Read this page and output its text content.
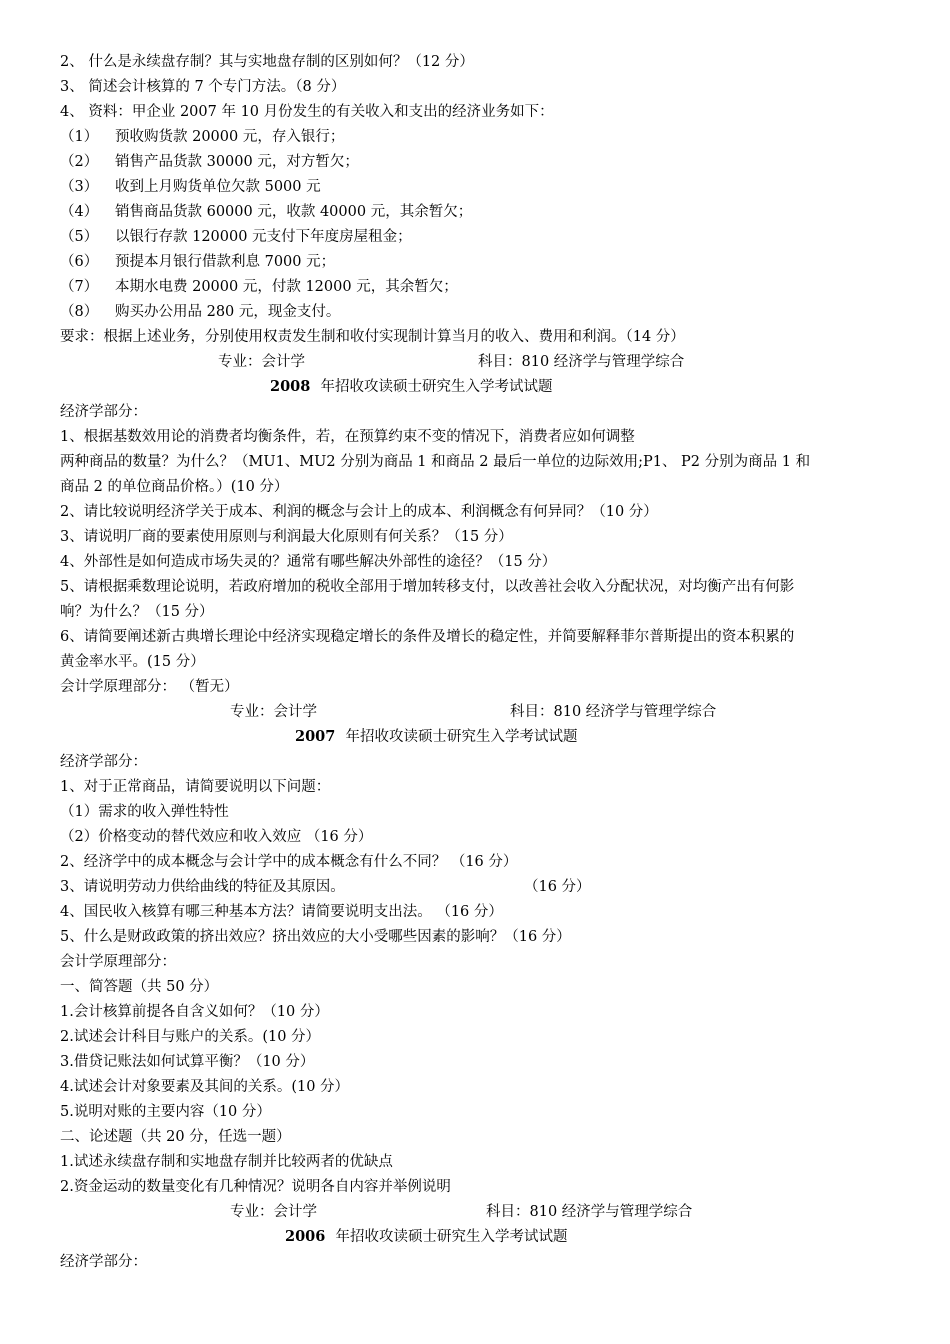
2、 什么是永续盘存制？其与实地盘存制的区别如何？（12 分）
3、 简述会计核算的 7 个专门方法。（8 分）
4、 资料：甲企业 2007 年 10 月份发生的有关收入和支出的经济业务如下：
（1） 预收购货款 20000 元，存入银行；
（2） 销售产品货款 30000 元，对方暂欠；
（3） 收到上月购货单位欠款 5000 元
（4） 销售商品货款 60000 元，收款 40000 元，其余暂欠；
（5） 以银行存款 120000 元支付下年度房屋租金；
（6） 预提本月银行借款利息 7000 元；
（7） 本期水电费 20000 元，付款 12000 元，其余暂欠；
（8） 购买办公用品 280 元，现金支付。
要求：根据上述业务，分别使用权责发生制和收付实现制计算当月的收入、费用和利润。（14 分）
专业：会计学	科目：810 经济学与管理学综合
2008 年招收攻读硕士研究生入学考试试题
经济学部分：
1、根据基数效用论的消费者均衡条件，若，在预算约束不变的情况下，消费者应如何调整
两种商品的数量？为什么？（MU1、MU2 分别为商品 1 和商品 2 最后一单位的边际效用;P1、 P2 分别为商品 1 和
商品 2 的单位商品价格。）(10 分）
2、请比较说明经济学关于成本、利润的概念与会计上的成本、利润概念有何异同？（10 分）
3、请说明厂商的要素使用原则与利润最大化原则有何关系？（15 分）
4、外部性是如何造成市场失灵的？通常有哪些解决外部性的途径？（15 分）
5、请根据乘数理论说明，若政府增加的税收全部用于增加转移支付，以改善社会收入分配状况，对均衡产出有何影
响？为什么？（15 分）
6、请简要阐述新古典增长理论中经济实现稳定增长的条件及增长的稳定性，并简要解释菲尔普斯提出的资本积累的
黄金率水平。(15 分）
会计学原理部分： （暂无）
专业：会计学	科目：810 经济学与管理学综合
2007 年招收攻读硕士研究生入学考试试题
经济学部分：
1、对于正常商品，请简要说明以下问题：
（1）需求的收入弹性特性
（2）价格变动的替代效应和收入效应 （16 分）
2、经济学中的成本概念与会计学中的成本概念有什么不同？ （16 分）
3、请说明劳动力供给曲线的特征及其原因。	（16 分）
4、国民收入核算有哪三种基本方法？请简要说明支出法。 （16 分）
5、什么是财政政策的挤出效应？挤出效应的大小受哪些因素的影响？（16 分）
会计学原理部分：
一、简答题（共 50 分）
1.会计核算前提各自含义如何？（10 分）
2.试述会计科目与账户的关系。(10 分）
3.借贷记账法如何试算平衡？（10 分）
4.试述会计对象要素及其间的关系。(10 分）
5.说明对账的主要内容（10 分）
二、论述题（共 20 分，任选一题）
1.试述永续盘存制和实地盘存制并比较两者的优缺点
2.资金运动的数量变化有几种情况？说明各自内容并举例说明
专业：会计学	科目：810 经济学与管理学综合
2006 年招收攻读硕士研究生入学考试试题
经济学部分：
